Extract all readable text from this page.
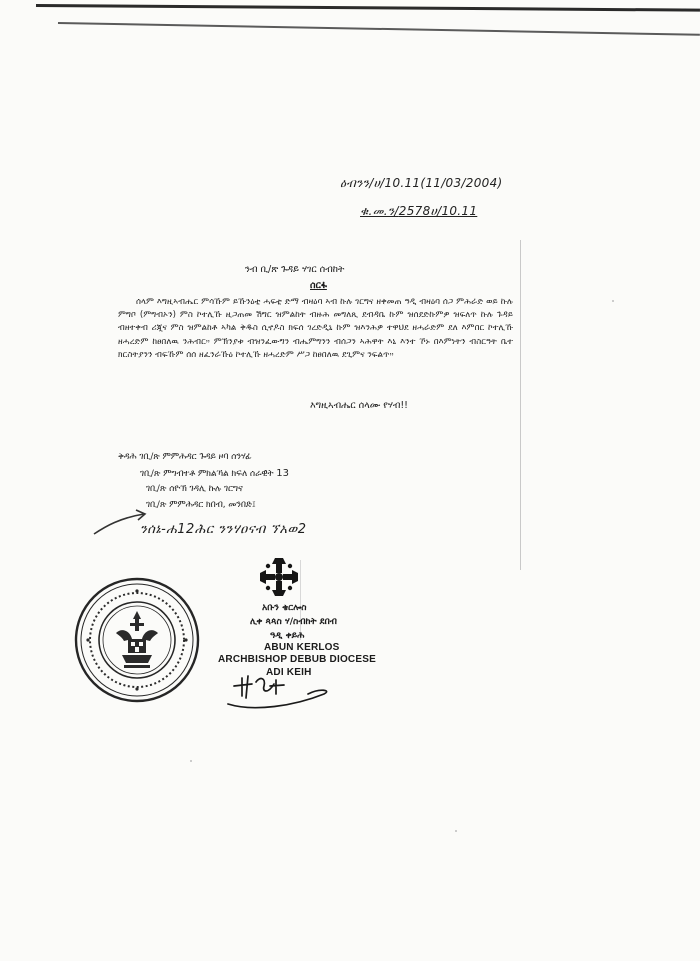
ዕብንን/ሀ/10.11(11/03/2004)
ቁ.መ.ን/2578ሀ/10.11
ንብ ቢ/ጽ ጉዳይ ሃገር ሰብከት
ሰርፋ

ሰላም እግዚኣብሔር ምሳኹም ይኹንዕቲ ሓፍቲ ድማ ብዛዕባ ኣብ ኩሉ ገርግና ዘቀመጠ ዓዲ ብዛዕባ ሰጋ ምሕራድ ወይ ኩሉ ምግቦ (ምግብኦን) ምስ ኮተሊኹ ዚጋጠመ ሽግር ዝምልከት ብዙሕ መግለጺ ደብዳቤ ኩም ዝሰደድኩምዎ ዝፍለጥ ኩሉ ጉዳይ ብዘተቀብ ሪጂና ምስ ዝምልከቶ ኣካል ቅዱስ ሲኖዶስ ክፍሰ ገረድዲኒ ኩም ዝእንሕዎ ተዋህደ ዘሓራድም ደለ እምበር ኮተሊኹ ዘሓረድም ከፀበለዉ ንሕብር። ምኽንያቱ ብዝንፈውግን ብሔምግንን ብሰጋን ኣሕዋት እኒ እንተ ኾኑ በእምነትን ብስርዓት ቤተ ክርስትያንን ብፍኹም ሰሰ ዘፈንራኹዕ ኮተሊኹ ዘሓረድም ሥጋ ከፀበለዉ ደጊምና ንፍልጥ።

እግዚኣብሔር ሰላሙ የሃብ!!
ቅዳሕ ገቢ/ጽ ምምሕዳር ጉዳይ ዞባ ሰንሃፊ
ገቢ/ጽ ምግብተቶ ምክልኻል ክፍለ ሰራዊት 13
ገቢ/ጽ ሰዮኽ ገዳሊ ኩሉ ገርግና
ገቢ/ጽ ምምሕዳር ክበብ, መንበድ፤
ንሰኔ-ሐ12ሕር ንንሃዐናብ ኘአወ2
አቡን ቄርሎስ
ሊቀ ጳጳስ ሃ/ስብከት ደበብ
ዓዲ ቀይሕ
ABUN KERLOS
ARCHBISHOP DEBUB DIOCESE
ADI KEIH
